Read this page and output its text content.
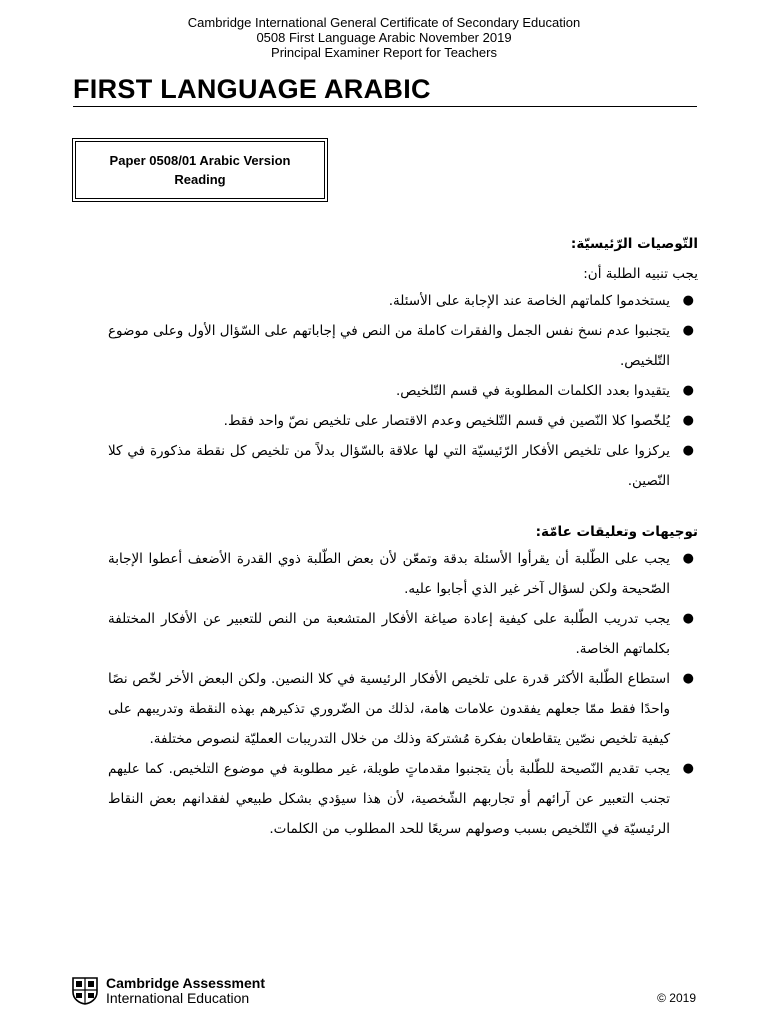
Cambridge International General Certificate of Secondary Education
0508 First Language Arabic November 2019
Principal Examiner Report for Teachers
FIRST LANGUAGE ARABIC
Paper 0508/01 Arabic Version
Reading
التّوصيات الرّئيسيّة:
يجب تنبيه الطلبة أن:
●
يستخدموا كلماتهم الخاصة عند الإجابة على الأسئلة.
●
يتجنبوا عدم نسخ نفس الجمل والفقرات كاملة من النص في إجاباتهم على السّؤال الأول وعلى موضوع التّلخيص.
●
يتقيدوا بعدد الكلمات المطلوبة في قسم التّلخيص.
●
يُلخّصوا كلا النّصين في قسم التّلخيص وعدم الاقتصار على تلخيص نصّ واحد فقط.
●
يركزوا على تلخيص الأفكار الرّئيسيّة التي لها علاقة بالسّؤال بدلاً من تلخيص كل نقطة مذكورة في كلا النّصين.
توجيهات وتعليقات عامّة:
●
يجب على الطّلبة أن يقرأوا الأسئلة بدقة وتمعّن لأن بعض الطّلبة ذوي القدرة الأضعف أعطوا الإجابة الصّحيحة ولكن لسؤال آخر غير الذي أجابوا عليه.
●
يجب تدريب الطّلبة على كيفية إعادة صياغة الأفكار المتشعبة من النص للتعبير عن الأفكار المختلفة بكلماتهم الخاصة.
●
استطاع الطّلبة الأكثر قدرة على تلخيص الأفكار الرئيسية في كلا النصين. ولكن البعض الأخر لخّص نصًا واحدًا فقط ممّا جعلهم يفقدون علامات هامة، لذلك من الضّروري تذكيرهم بهذه النقطة وتدريبهم على كيفية تلخيص نصّين يتقاطعان بفكرة مُشتركة وذلك من خلال التدريبات العمليّة لنصوص مختلفة.
●
يجب تقديم النّصيحة للطّلبة بأن يتجنبوا مقدماتٍ طويلة، غير مطلوبة في موضوع التلخيص. كما عليهم تجنب التعبير عن آرائهم أو تجاربهم الشّخصية، لأن هذا سيؤدي بشكل طبيعي لفقدانهم بعض النقاط الرئيسيّة في التّلخيص بسبب وصولهم سريعًا للحد المطلوب من الكلمات.
Cambridge Assessment
International Education	© 2019
